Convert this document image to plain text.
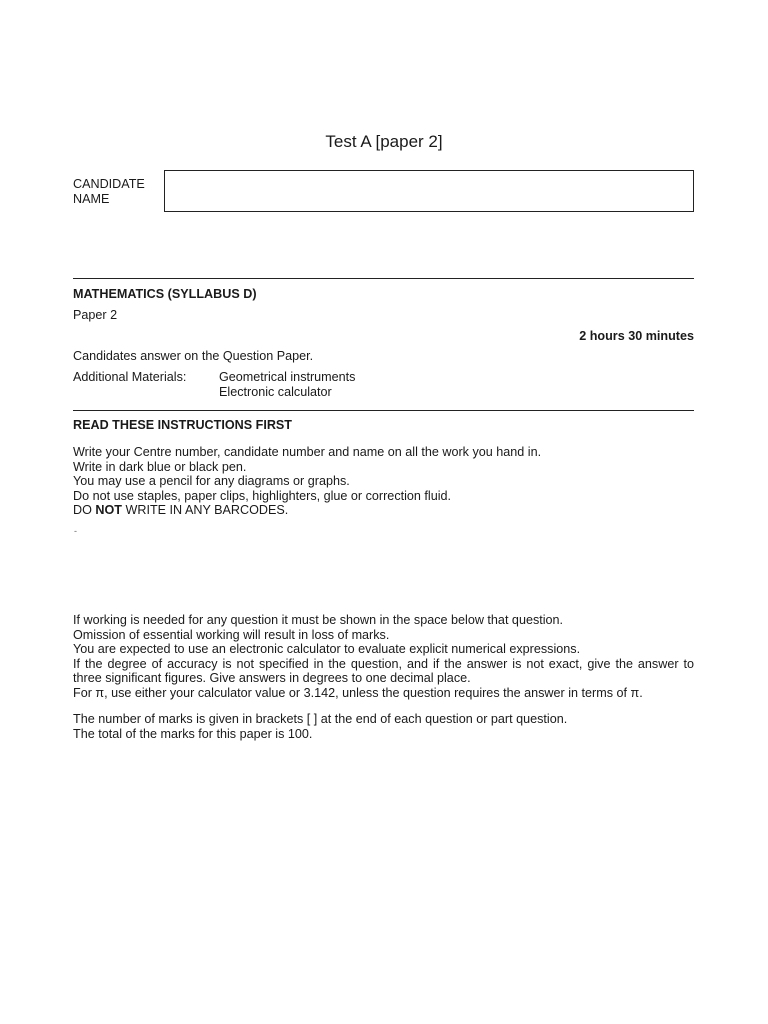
Test A [paper 2]
CANDIDATE
NAME
MATHEMATICS (SYLLABUS D)
Paper 2
2 hours 30 minutes
Candidates answer on the Question Paper.
Additional Materials:	Geometrical instruments
Electronic calculator
READ THESE INSTRUCTIONS FIRST
Write your Centre number, candidate number and name on all the work you hand in.
Write in dark blue or black pen.
You may use a pencil for any diagrams or graphs.
Do not use staples, paper clips, highlighters, glue or correction fluid.
DO NOT WRITE IN ANY BARCODES.
-
If working is needed for any question it must be shown in the space below that question.
Omission of essential working will result in loss of marks.
You are expected to use an electronic calculator to evaluate explicit numerical expressions.
If the degree of accuracy is not specified in the question, and if the answer is not exact, give the answer to
three significant figures. Give answers in degrees to one decimal place.
For π, use either your calculator value or 3.142, unless the question requires the answer in terms of π.
The number of marks is given in brackets [ ] at the end of each question or part question.
The total of the marks for this paper is 100.
